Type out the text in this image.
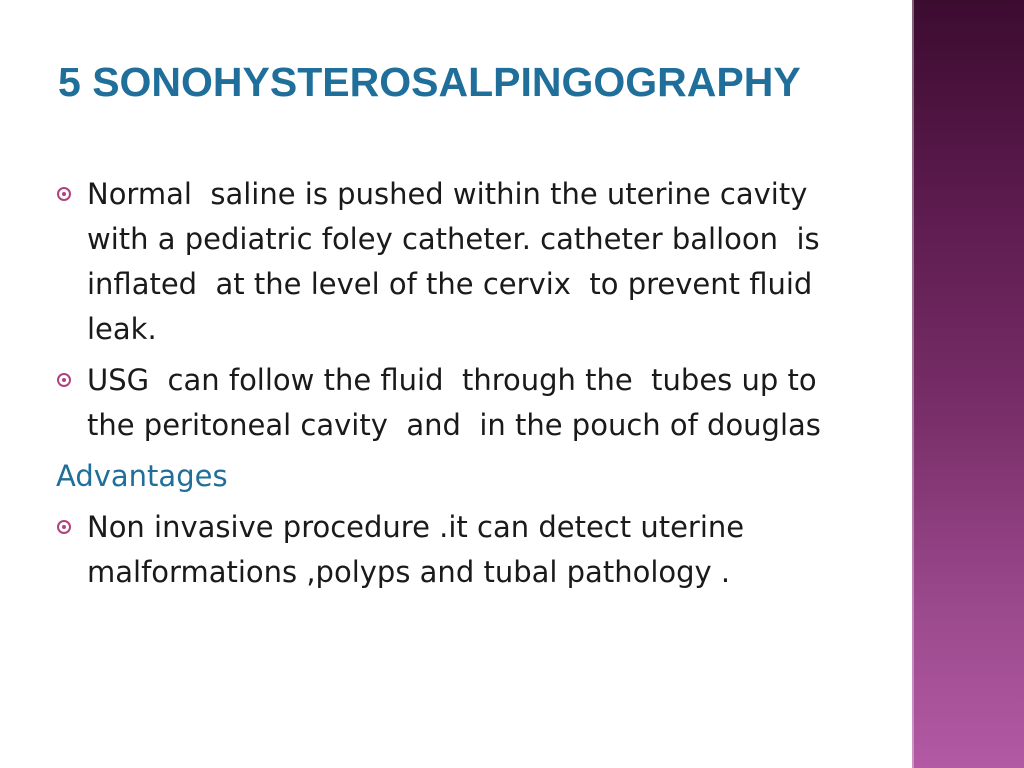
5 SONOHYSTEROSALPINGOGRAPHY
Normal  saline is pushed within the uterine cavity  with a pediatric foley catheter. catheter balloon  is inflated  at the level of the cervix  to prevent fluid leak.
USG  can follow the fluid  through the  tubes up to the peritoneal cavity  and  in the pouch of douglas
Advantages
Non invasive procedure .it can detect uterine malformations ,polyps and tubal pathology .
